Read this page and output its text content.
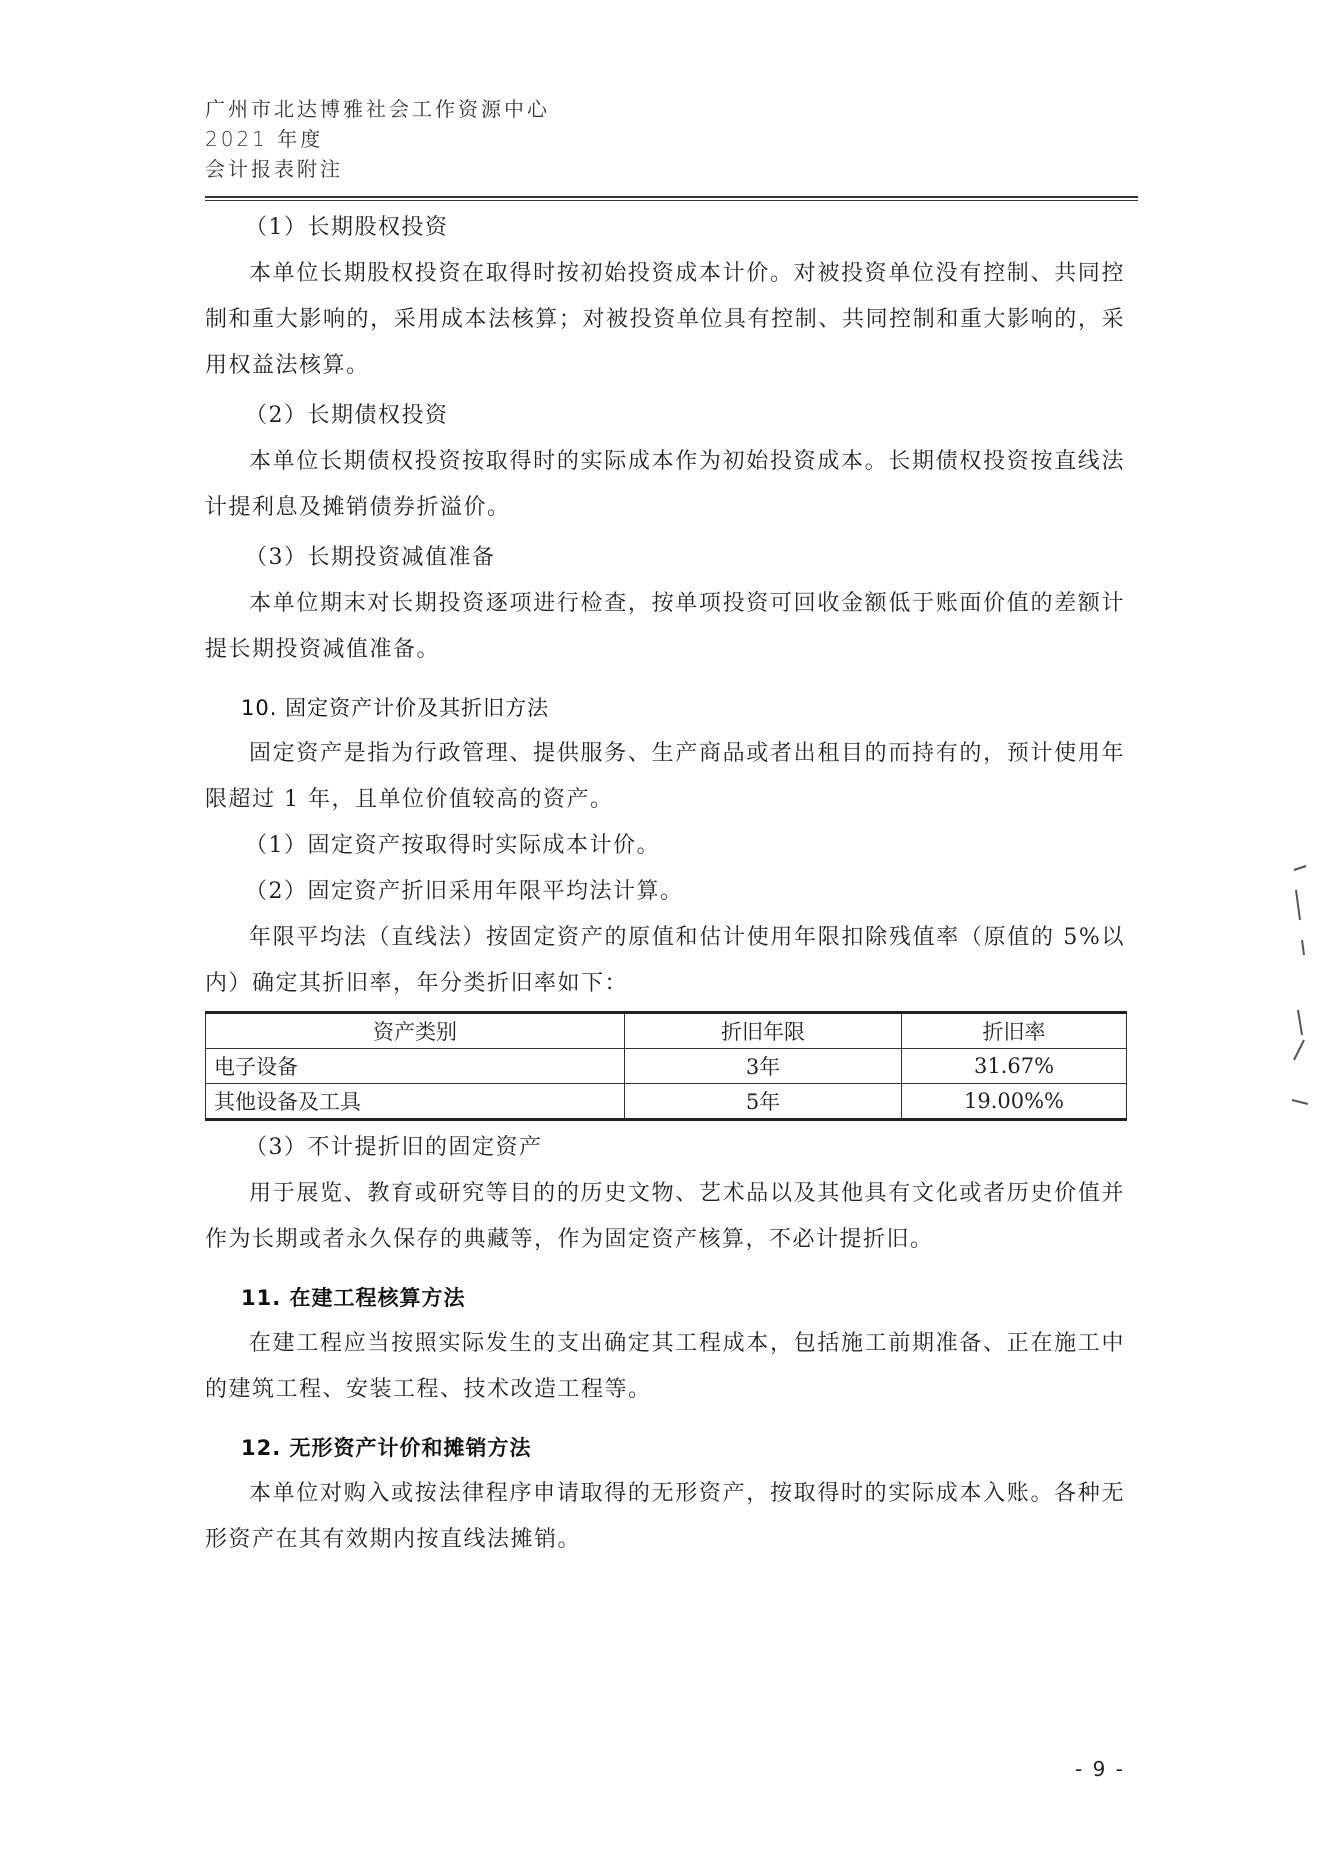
广州市北达博雅社会工作资源中心
2021 年度
会计报表附注

（1）长期股权投资

本单位长期股权投资在取得时按初始投资成本计价。对被投资单位没有控制、共同控制和重大影响的，采用成本法核算；对被投资单位具有控制、共同控制和重大影响的，采用权益法核算。

（2）长期债权投资

本单位长期债权投资按取得时的实际成本作为初始投资成本。长期债权投资按直线法计提利息及摊销债券折溢价。

（3）长期投资减值准备

本单位期末对长期投资逐项进行检查，按单项投资可回收金额低于账面价值的差额计提长期投资减值准备。

10. 固定资产计价及其折旧方法

固定资产是指为行政管理、提供服务、生产商品或者出租目的而持有的，预计使用年限超过 1 年，且单位价值较高的资产。

（1）固定资产按取得时实际成本计价。

（2）固定资产折旧采用年限平均法计算。

年限平均法（直线法）按固定资产的原值和估计使用年限扣除残值率（原值的 5%以内）确定其折旧率，年分类折旧率如下：

资产类别	折旧年限	折旧率
电子设备	3年	31.67%
其他设备及工具	5年	19.00%%

（3）不计提折旧的固定资产

用于展览、教育或研究等目的的历史文物、艺术品以及其他具有文化或者历史价值并作为长期或者永久保存的典藏等，作为固定资产核算，不必计提折旧。

11. 在建工程核算方法

在建工程应当按照实际发生的支出确定其工程成本，包括施工前期准备、正在施工中的建筑工程、安装工程、技术改造工程等。

12. 无形资产计价和摊销方法

本单位对购入或按法律程序申请取得的无形资产，按取得时的实际成本入账。各种无形资产在其有效期内按直线法摊销。

- 9 -
